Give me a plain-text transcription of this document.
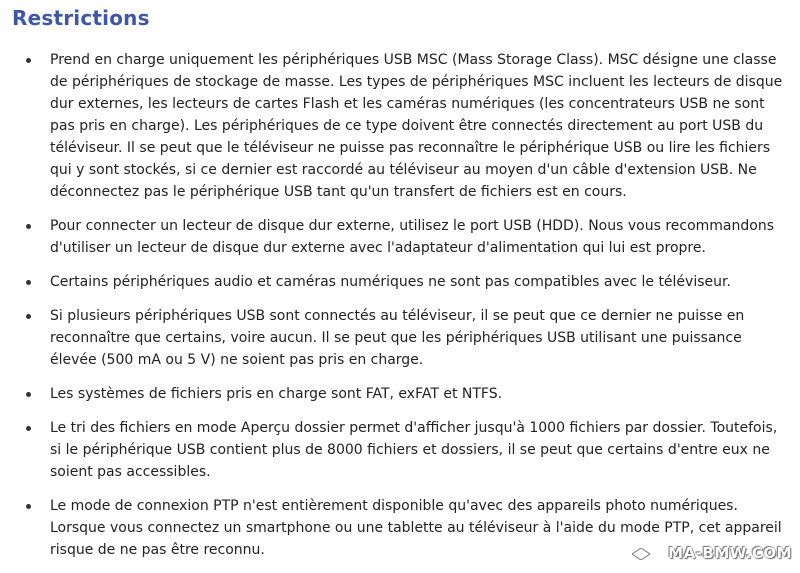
Restrictions
Prend en charge uniquement les périphériques USB MSC (Mass Storage Class). MSC désigne une classe de périphériques de stockage de masse. Les types de périphériques MSC incluent les lecteurs de disque dur externes, les lecteurs de cartes Flash et les caméras numériques (les concentrateurs USB ne sont pas pris en charge). Les périphériques de ce type doivent être connectés directement au port USB du téléviseur. Il se peut que le téléviseur ne puisse pas reconnaître le périphérique USB ou lire les fichiers qui y sont stockés, si ce dernier est raccordé au téléviseur au moyen d'un câble d'extension USB. Ne déconnectez pas le périphérique USB tant qu'un transfert de fichiers est en cours.
Pour connecter un lecteur de disque dur externe, utilisez le port USB (HDD). Nous vous recommandons d'utiliser un lecteur de disque dur externe avec l'adaptateur d'alimentation qui lui est propre.
Certains périphériques audio et caméras numériques ne sont pas compatibles avec le téléviseur.
Si plusieurs périphériques USB sont connectés au téléviseur, il se peut que ce dernier ne puisse en reconnaître que certains, voire aucun. Il se peut que les périphériques USB utilisant une puissance élevée (500 mA ou 5 V) ne soient pas pris en charge.
Les systèmes de fichiers pris en charge sont FAT, exFAT et NTFS.
Le tri des fichiers en mode Aperçu dossier permet d'afficher jusqu'à 1000 fichiers par dossier. Toutefois, si le périphérique USB contient plus de 8000 fichiers et dossiers, il se peut que certains d'entre eux ne soient pas accessibles.
Le mode de connexion PTP n'est entièrement disponible qu'avec des appareils photo numériques. Lorsque vous connectez un smartphone ou une tablette au téléviseur à l'aide du mode PTP, cet appareil risque de ne pas être reconnu.	MA-BMW.COM
